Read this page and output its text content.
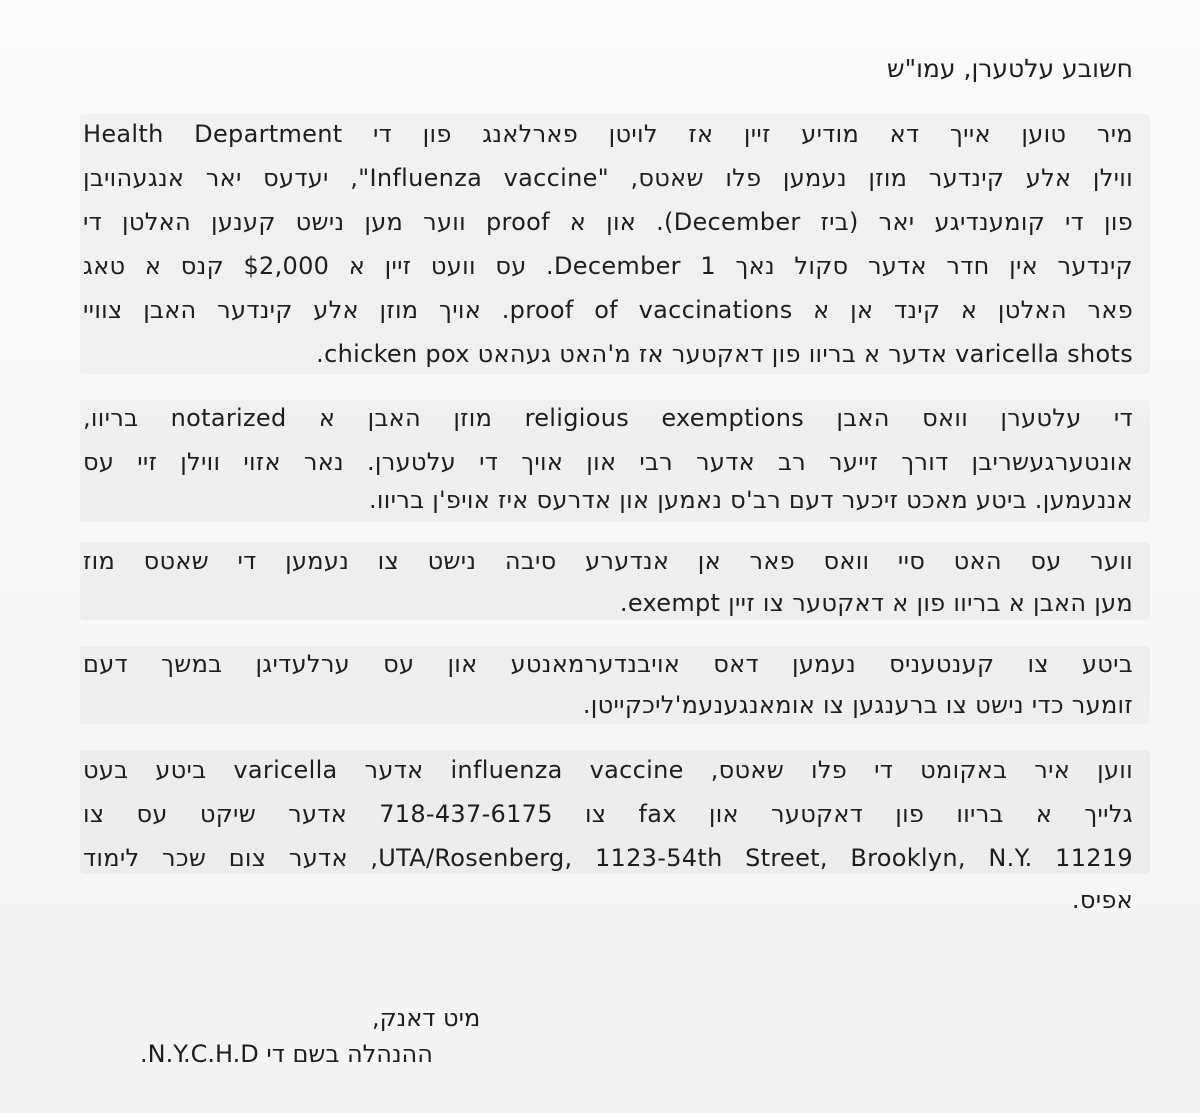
חשובע עלטערן, עמו"ש
מיר טוען אייך דא מודיע זיין אז לויטן פארלאנג פון די Health Department
ווילן אלע קינדער מוזן נעמען פלו שאטס, "Influenza vaccine", יעדעס יאר אנגעהויבן
פון די קומענדיגע יאר (ביז December). און א proof ווער מען נישט קענען האלטן די
קינדער אין חדר אדער סקול נאך December 1. עס וועט זיין א $2,000 קנס א טאג
פאר האלטן א קינד אן א proof of vaccinations. אויך מוזן אלע קינדער האבן צוויי
varicella shots אדער א בריוו פון דאקטער אז מ'האט געהאט chicken pox.
די עלטערן וואס האבן religious exemptions מוזן האבן א notarized בריוו,
אונטערגעשריבן דורך זייער רב אדער רבי און אויך די עלטערן. נאר אזוי ווילן זיי עס
אננעמען. ביטע מאכט זיכער דעם רב'ס נאמען און אדרעס איז אויפ'ן בריוו.
ווער עס האט סיי וואס פאר אן אנדערע סיבה נישט צו נעמען די שאטס מוז
מען האבן א בריוו פון א דאקטער צו זיין exempt.
ביטע צו קענטעניס נעמען דאס אויבנדערמאנטע און עס ערלעדיגן במשך דעם
זומער כדי נישט צו ברענגען צו אומאנגענעמ'ליכקייטן.
ווען איר באקומט די פלו שאטס, influenza vaccine אדער varicella ביטע בעט
גלייך א בריוו פון דאקטער און fax צו 718-437-6175 אדער שיקט עס צו
UTA/Rosenberg, 1123-54th Street, Brooklyn, N.Y. 11219, אדער צום שכר לימוד
אפיס.
מיט דאנק,
ההנהלה בשם די N.Y.C.H.D.
